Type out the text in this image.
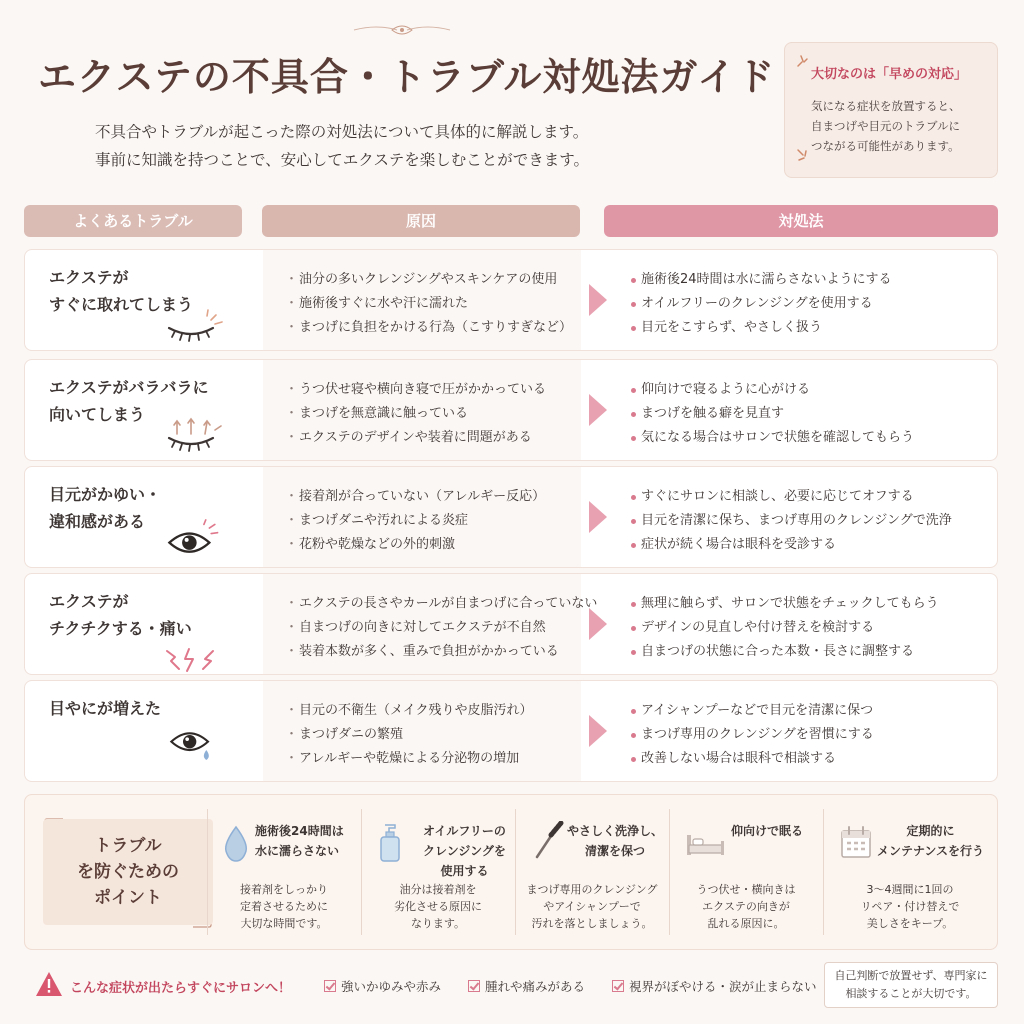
エクステの不具合・トラブル対処法ガイド
不具合やトラブルが起こった際の対処法について具体的に解説します。
事前に知識を持つことで、安心してエクステを楽しむことができます。
大切なのは「早めの対応」
気になる症状を放置すると、
自まつげや目元のトラブルに
つながる可能性があります。
よくあるトラブル	原因	対処法
エクステが
すぐに取れてしまう
・ 油分の多いクレンジングやスキンケアの使用
・ 施術後すぐに水や汗に濡れた
・ まつげに負担をかける行為（こすりすぎなど）
施術後24時間は水に濡らさないようにする
オイルフリーのクレンジングを使用する
目元をこすらず、やさしく扱う
エクステがバラバラに
向いてしまう
・ うつ伏せ寝や横向き寝で圧がかかっている
・ まつげを無意識に触っている
・ エクステのデザインや装着に問題がある
仰向けで寝るように心がける
まつげを触る癖を見直す
気になる場合はサロンで状態を確認してもらう
目元がかゆい・
違和感がある
・ 接着剤が合っていない（アレルギー反応）
・ まつげダニや汚れによる炎症
・ 花粉や乾燥などの外的刺激
すぐにサロンに相談し、必要に応じてオフする
目元を清潔に保ち、まつげ専用のクレンジングで洗浄
症状が続く場合は眼科を受診する
エクステが
チクチクする・痛い
・ エクステの長さやカールが自まつげに合っていない
・ 自まつげの向きに対してエクステが不自然
・ 装着本数が多く、重みで負担がかかっている
無理に触らず、サロンで状態をチェックしてもらう
デザインの見直しや付け替えを検討する
自まつげの状態に合った本数・長さに調整する
目やにが増えた
・	目元の不衛生（メイク残りや皮脂汚れ）
・ まつげダニの繁殖
・ アレルギーや乾燥による分泌物の増加
アイシャンプーなどで目元を清潔に保つ
まつげ専用のクレンジングを習慣にする
改善しない場合は眼科で相談する
トラブル
を防ぐための
ポイント
施術後24時間は
水に濡らさない
接着剤をしっかり
定着させるために
大切な時間です。
オイルフリーの
クレンジングを
使用する
油分は接着剤を
劣化させる原因に
なります。
やさしく洗浄し、
清潔を保つ
まつげ専用のクレンジング
やアイシャンプーで
汚れを落としましょう。
仰向けで眠る
うつ伏せ・横向きは
エクステの向きが
乱れる原因に。
定期的に
メンテナンスを行う
3〜4週間に1回の
リペア・付け替えで
美しさをキープ。
こんな症状が出たらすぐにサロンへ！	強いかゆみや赤み	腫れや痛みがある	視界がぼやける・涙が止まらない
自己判断で放置せず、専門家に
相談することが大切です。
